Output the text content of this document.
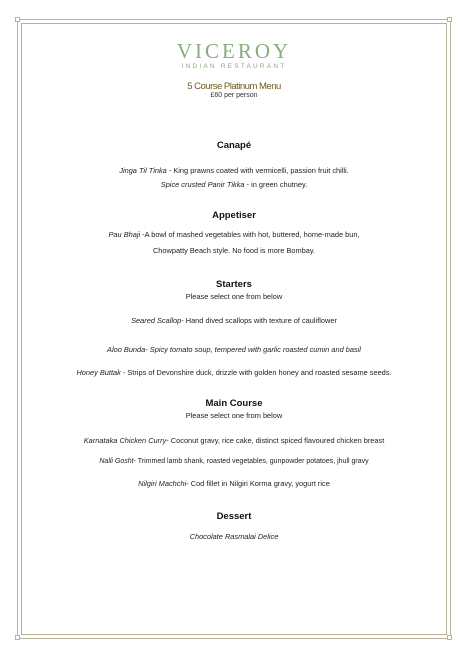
VICEROY
INDIAN RESTAURANT
5 Course Platinum Menu
£60 per person
Canapé
Jinga Til Tinka - King prawns coated with vermicelli, passion fruit chilli.
Spice crusted Panir Tikka - in green chutney.
Appetiser
Pau Bhaji -A bowl of mashed vegetables with hot, buttered, home-made bun,
Chowpatty Beach style. No food is more Bombay.
Starters
Please select one from below
Seared Scallop- Hand dived scallops with texture of cauliflower
Aloo Bunda- Spicy tomato soup, tempered with garlic roasted cumin and basil
Honey Buttak - Strips of Devonshire duck, drizzle with golden honey and roasted sesame seeds.
Main Course
Please select one from below
Karnataka Chicken Curry- Coconut gravy, rice cake, distinct spiced flavoured chicken breast
Nalli Gosht- Trimmed lamb shank, roasted vegetables, gunpowder potatoes, jhull gravy
Nilgiri Machchi- Cod fillet in Nilgiri Korma gravy, yogurt rice
Dessert
Chocolate Rasmalai Delice
